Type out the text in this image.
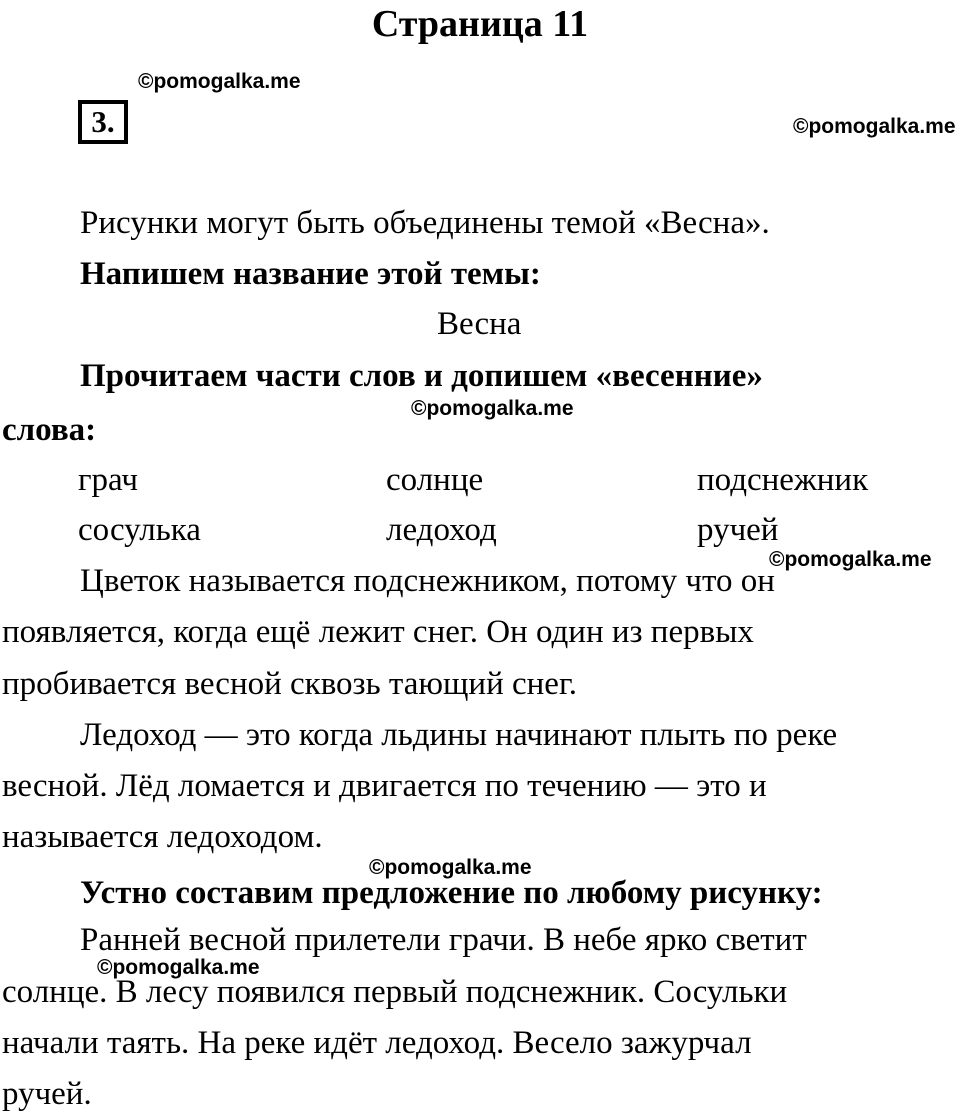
Страница 11
©pomogalka.me
3.	©pomogalka.me
Рисунки могут быть объединены темой «Весна».
Напишем название этой темы:
Весна
Прочитаем части слов и допишем «весенние»
©pomogalka.me
слова:
грач	солнце	подснежник
сосулька	ледоход	ручей
©pomogalka.me
Цветок называется подснежником, потому что он
появляется, когда ещё лежит снег. Он один из первых
пробивается весной сквозь тающий снег.
Ледоход — это когда льдины начинают плыть по реке
весной. Лёд ломается и двигается по течению — это и
называется ледоходом.
©pomogalka.me
Устно составим предложение по любому рисунку:
Ранней весной прилетели грачи. В небе ярко светит
©pomogalka.me
солнце. В лесу появился первый подснежник. Сосульки
начали таять. На реке идёт ледоход. Весело зажурчал
ручей.
